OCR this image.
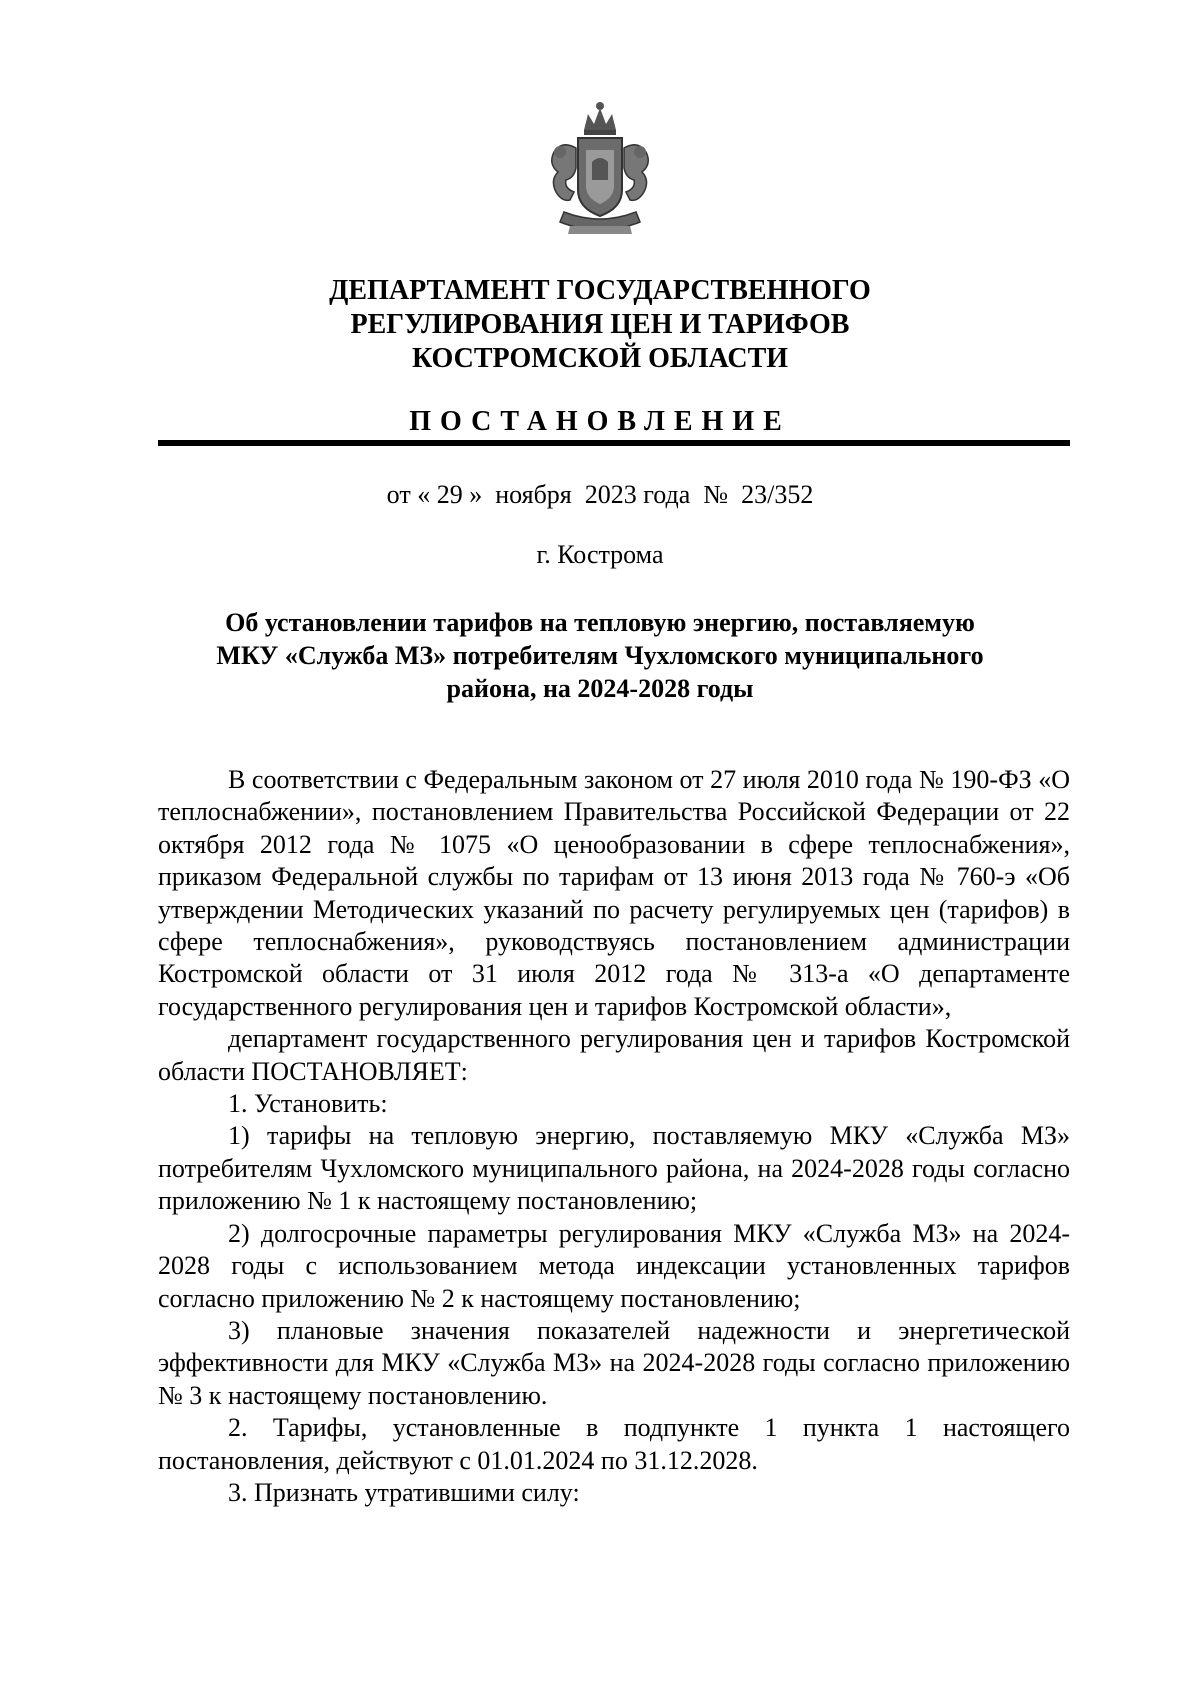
ДЕПАРТАМЕНТ ГОСУДАРСТВЕННОГО
РЕГУЛИРОВАНИЯ ЦЕН И ТАРИФОВ
КОСТРОМСКОЙ ОБЛАСТИ
ПОСТАНОВЛЕНИЕ
от « 29 »  ноября  2023 года  №  23/352
г. Кострома
Об установлении тарифов на тепловую энергию, поставляемую
МКУ «Служба МЗ» потребителям Чухломского муниципального
района, на 2024-2028 годы

В соответствии с Федеральным законом от 27 июля 2010 года № 190-ФЗ «О теплоснабжении», постановлением Правительства Российской Федерации от 22 октября 2012 года № 1075 «О ценообразовании в сфере теплоснабжения», приказом Федеральной службы по тарифам от 13 июня 2013 года № 760-э «Об утверждении Методических указаний по расчету регулируемых цен (тарифов) в сфере теплоснабжения», руководствуясь постановлением администрации Костромской области от 31 июля 2012 года № 313-а «О департаменте государственного регулирования цен и тарифов Костромской области»,

департамент государственного регулирования цен и тарифов Костромской области ПОСТАНОВЛЯЕТ:

1. Установить:

1) тарифы на тепловую энергию, поставляемую МКУ «Служба МЗ» потребителям Чухломского муниципального района, на 2024-2028 годы согласно приложению № 1 к настоящему постановлению;

2) долгосрочные параметры регулирования МКУ «Служба МЗ» на 2024-2028 годы с использованием метода индексации установленных тарифов согласно приложению № 2 к настоящему постановлению;

3) плановые значения показателей надежности и энергетической эффективности для МКУ «Служба МЗ» на 2024-2028 годы согласно приложению № 3 к настоящему постановлению.

2. Тарифы, установленные в подпункте 1 пункта 1 настоящего постановления, действуют с 01.01.2024 по 31.12.2028.

3. Признать утратившими силу:
